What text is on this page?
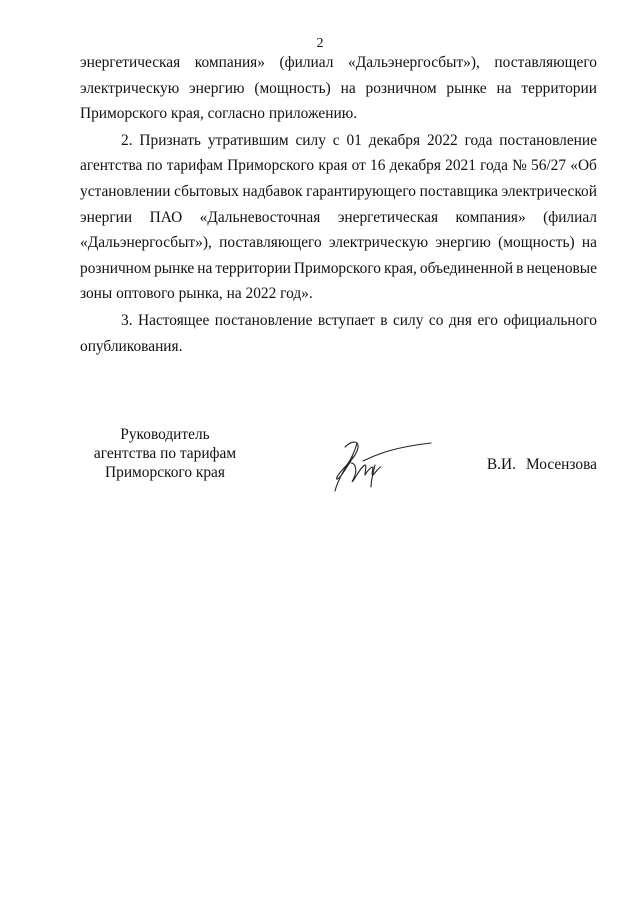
2
энергетическая компания» (филиал «Дальэнергосбыт»), поставляющего
электрическую энергию (мощность) на розничном рынке на территории
Приморского края, согласно приложению.
2. Признать утратившим силу с 01 декабря 2022 года постановление
агентства по тарифам Приморского края от 16 декабря 2021 года № 56/27 «Об
установлении сбытовых надбавок гарантирующего поставщика электрической
энергии ПАО «Дальневосточная энергетическая компания» (филиал
«Дальэнергосбыт»), поставляющего электрическую энергию (мощность) на
розничном рынке на территории Приморского края, объединенной в неценовые
зоны оптового рынка, на 2022 год».
3. Настоящее постановление вступает в силу со дня его официального
опубликования.
Руководитель
агентства по тарифам
Приморского края	В.И. Мосензова
